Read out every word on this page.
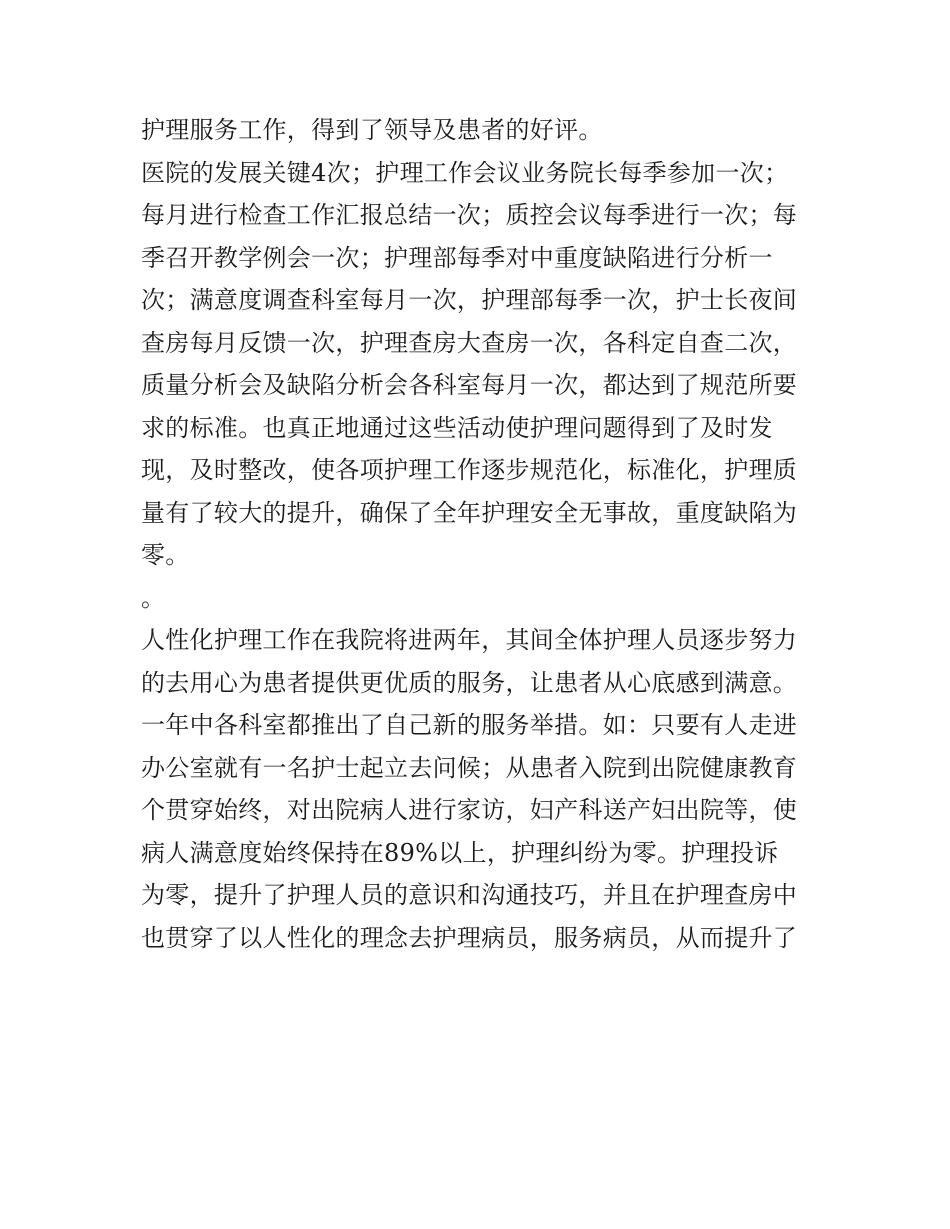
护理服务工作，得到了领导及患者的好评。
医院的发展关键4次；护理工作会议业务院长每季参加一次；
每月进行检查工作汇报总结一次；质控会议每季进行一次；每
季召开教学例会一次；护理部每季对中重度缺陷进行分析一
次；满意度调查科室每月一次，护理部每季一次，护士长夜间
查房每月反馈一次，护理查房大查房一次，各科定自查二次，
质量分析会及缺陷分析会各科室每月一次，都达到了规范所要
求的标准。也真正地通过这些活动使护理问题得到了及时发
现，及时整改，使各项护理工作逐步规范化，标准化，护理质
量有了较大的提升，确保了全年护理安全无事故，重度缺陷为
零。
。
人性化护理工作在我院将进两年，其间全体护理人员逐步努力
的去用心为患者提供更优质的服务，让患者从心底感到满意。
一年中各科室都推出了自己新的服务举措。如：只要有人走进
办公室就有一名护士起立去问候；从患者入院到出院健康教育
个贯穿始终，对出院病人进行家访，妇产科送产妇出院等，使
病人满意度始终保持在89%以上，护理纠纷为零。护理投诉
为零，提升了护理人员的意识和沟通技巧，并且在护理查房中
也贯穿了以人性化的理念去护理病员，服务病员，从而提升了
